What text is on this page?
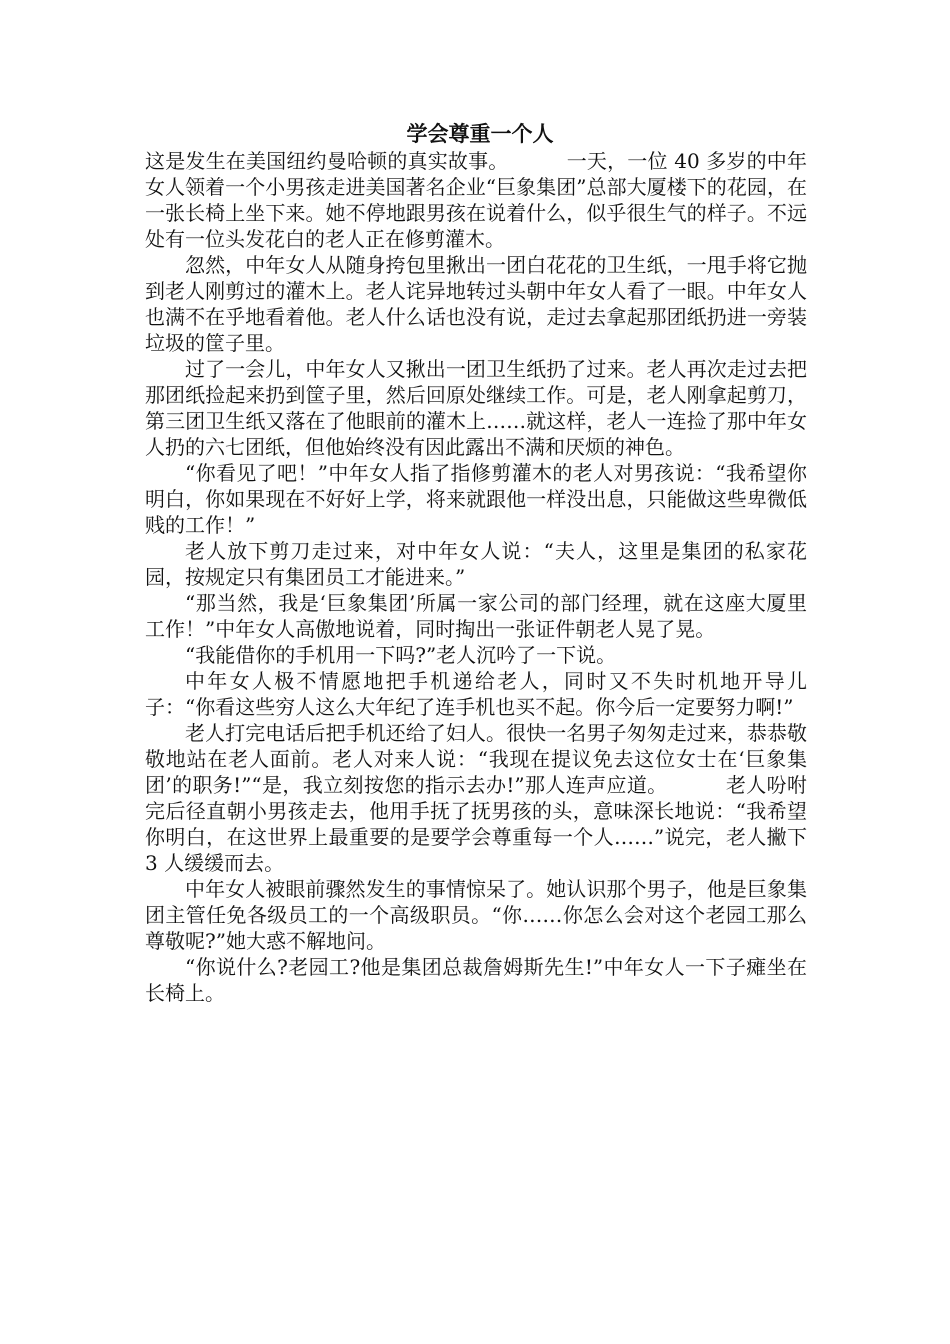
学会尊重一个人

这是发生在美国纽约曼哈顿的真实故事。	一天，一位 40 多岁的中年女人领着一个小男孩走进美国著名企业“巨象集团”总部大厦楼下的花园，在一张长椅上坐下来。她不停地跟男孩在说着什么，似乎很生气的样子。不远处有一位头发花白的老人正在修剪灌木。

忽然，中年女人从随身挎包里揪出一团白花花的卫生纸，一甩手将它抛到老人刚剪过的灌木上。老人诧异地转过头朝中年女人看了一眼。中年女人也满不在乎地看着他。老人什么话也没有说，走过去拿起那团纸扔进一旁装垃圾的筐子里。

过了一会儿，中年女人又揪出一团卫生纸扔了过来。老人再次走过去把那团纸捡起来扔到筐子里，然后回原处继续工作。可是，老人刚拿起剪刀，第三团卫生纸又落在了他眼前的灌木上……就这样，老人一连捡了那中年女人扔的六七团纸，但他始终没有因此露出不满和厌烦的神色。

“你看见了吧！”中年女人指了指修剪灌木的老人对男孩说：“我希望你明白，你如果现在不好好上学，将来就跟他一样没出息，只能做这些卑微低贱的工作！”

老人放下剪刀走过来，对中年女人说：“夫人，这里是集团的私家花园，按规定只有集团员工才能进来。”

“那当然，我是‘巨象集团’所属一家公司的部门经理，就在这座大厦里工作！”中年女人高傲地说着，同时掏出一张证件朝老人晃了晃。

“我能借你的手机用一下吗?”老人沉吟了一下说。

中年女人极不情愿地把手机递给老人，同时又不失时机地开导儿子：“你看这些穷人这么大年纪了连手机也买不起。你今后一定要努力啊!”

老人打完电话后把手机还给了妇人。很快一名男子匆匆走过来，恭恭敬敬地站在老人面前。老人对来人说：“我现在提议免去这位女士在‘巨象集团’的职务!”“是，我立刻按您的指示去办!”那人连声应道。	老人吩咐完后径直朝小男孩走去，他用手抚了抚男孩的头，意味深长地说：“我希望你明白，在这世界上最重要的是要学会尊重每一个人……”说完，老人撇下 3 人缓缓而去。

中年女人被眼前骤然发生的事情惊呆了。她认识那个男子，他是巨象集团主管任免各级员工的一个高级职员。“你……你怎么会对这个老园工那么尊敬呢?”她大惑不解地问。

“你说什么?老园工?他是集团总裁詹姆斯先生!”中年女人一下子瘫坐在长椅上。
